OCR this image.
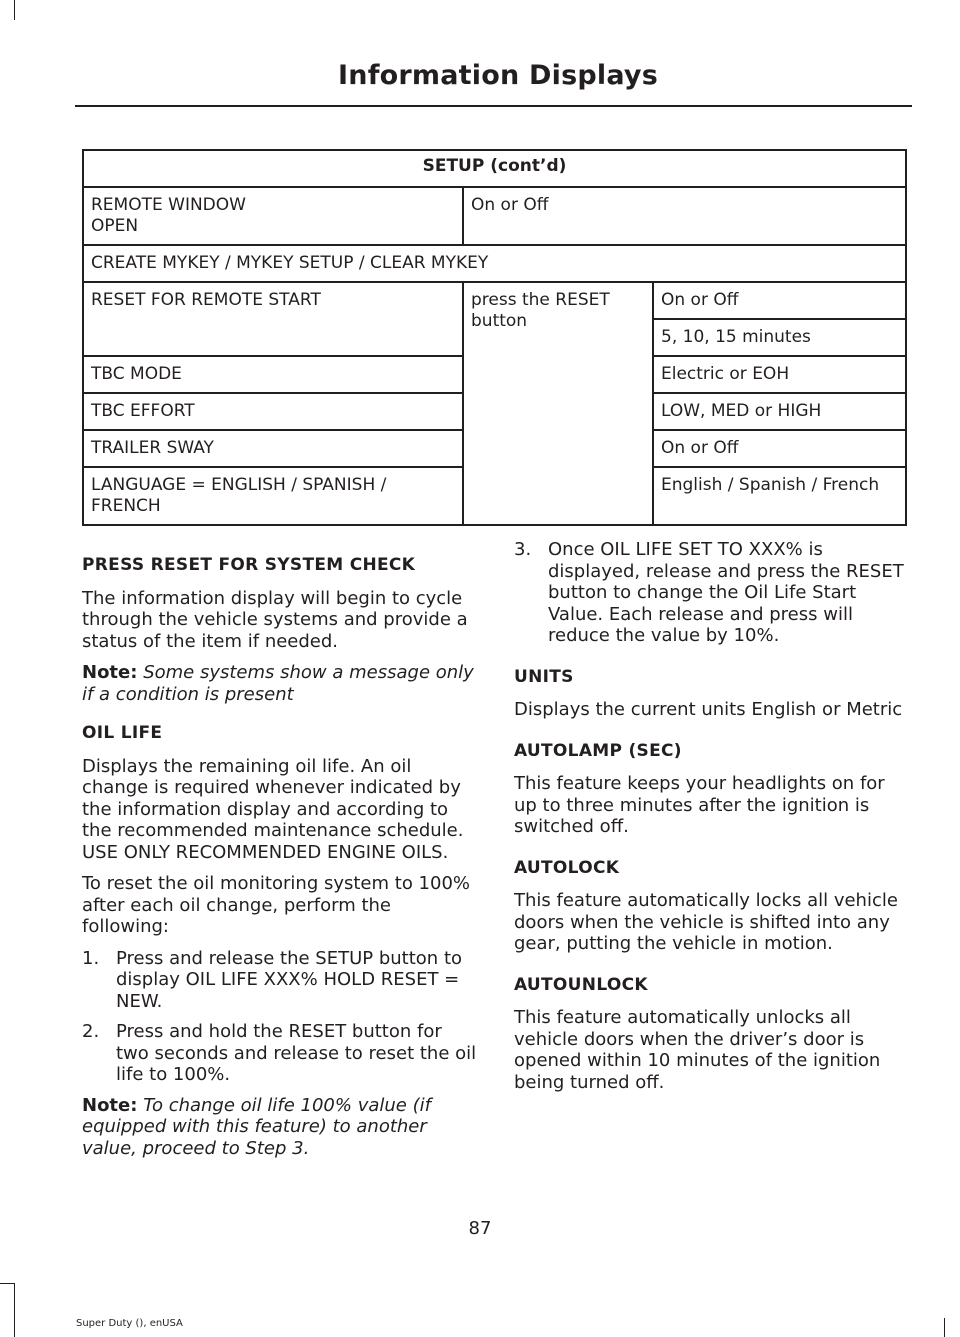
Information Displays
SETUP (cont’d)		
REMOTE WINDOW OPEN	On or Off	
CREATE MYKEY / MYKEY SETUP / CLEAR MYKEY		
RESET FOR REMOTE START	press the RESET button	On or Off
		5, 10, 15 minutes
TBC MODE		Electric or EOH
TBC EFFORT		LOW, MED or HIGH
TRAILER SWAY		On or Off
LANGUAGE = ENGLISH / SPANISH / FRENCH		English / Spanish / French
PRESS RESET FOR SYSTEM CHECK

The information display will begin to cycle through the vehicle systems and provide a status of the item if needed.

Note: Some systems show a message only if a condition is present

OIL LIFE

Displays the remaining oil life. An oil change is required whenever indicated by the information display and according to the recommended maintenance schedule. USE ONLY RECOMMENDED ENGINE OILS.

To reset the oil monitoring system to 100% after each oil change, perform the following:

1. Press and release the SETUP button to display OIL LIFE XXX% HOLD RESET = NEW.
2. Press and hold the RESET button for two seconds and release to reset the oil life to 100%.

Note: To change oil life 100% value (if equipped with this feature) to another value, proceed to Step 3.

3. Once OIL LIFE SET TO XXX% is displayed, release and press the RESET button to change the Oil Life Start Value. Each release and press will reduce the value by 10%.
UNITS

Displays the current units English or Metric

AUTOLAMP (SEC)

This feature keeps your headlights on for up to three minutes after the ignition is switched off.

AUTOLOCK

This feature automatically locks all vehicle doors when the vehicle is shifted into any gear, putting the vehicle in motion.

AUTOUNLOCK

This feature automatically unlocks all vehicle doors when the driver’s door is opened within 10 minutes of the ignition being turned off.

87
Super Duty (), enUSA
